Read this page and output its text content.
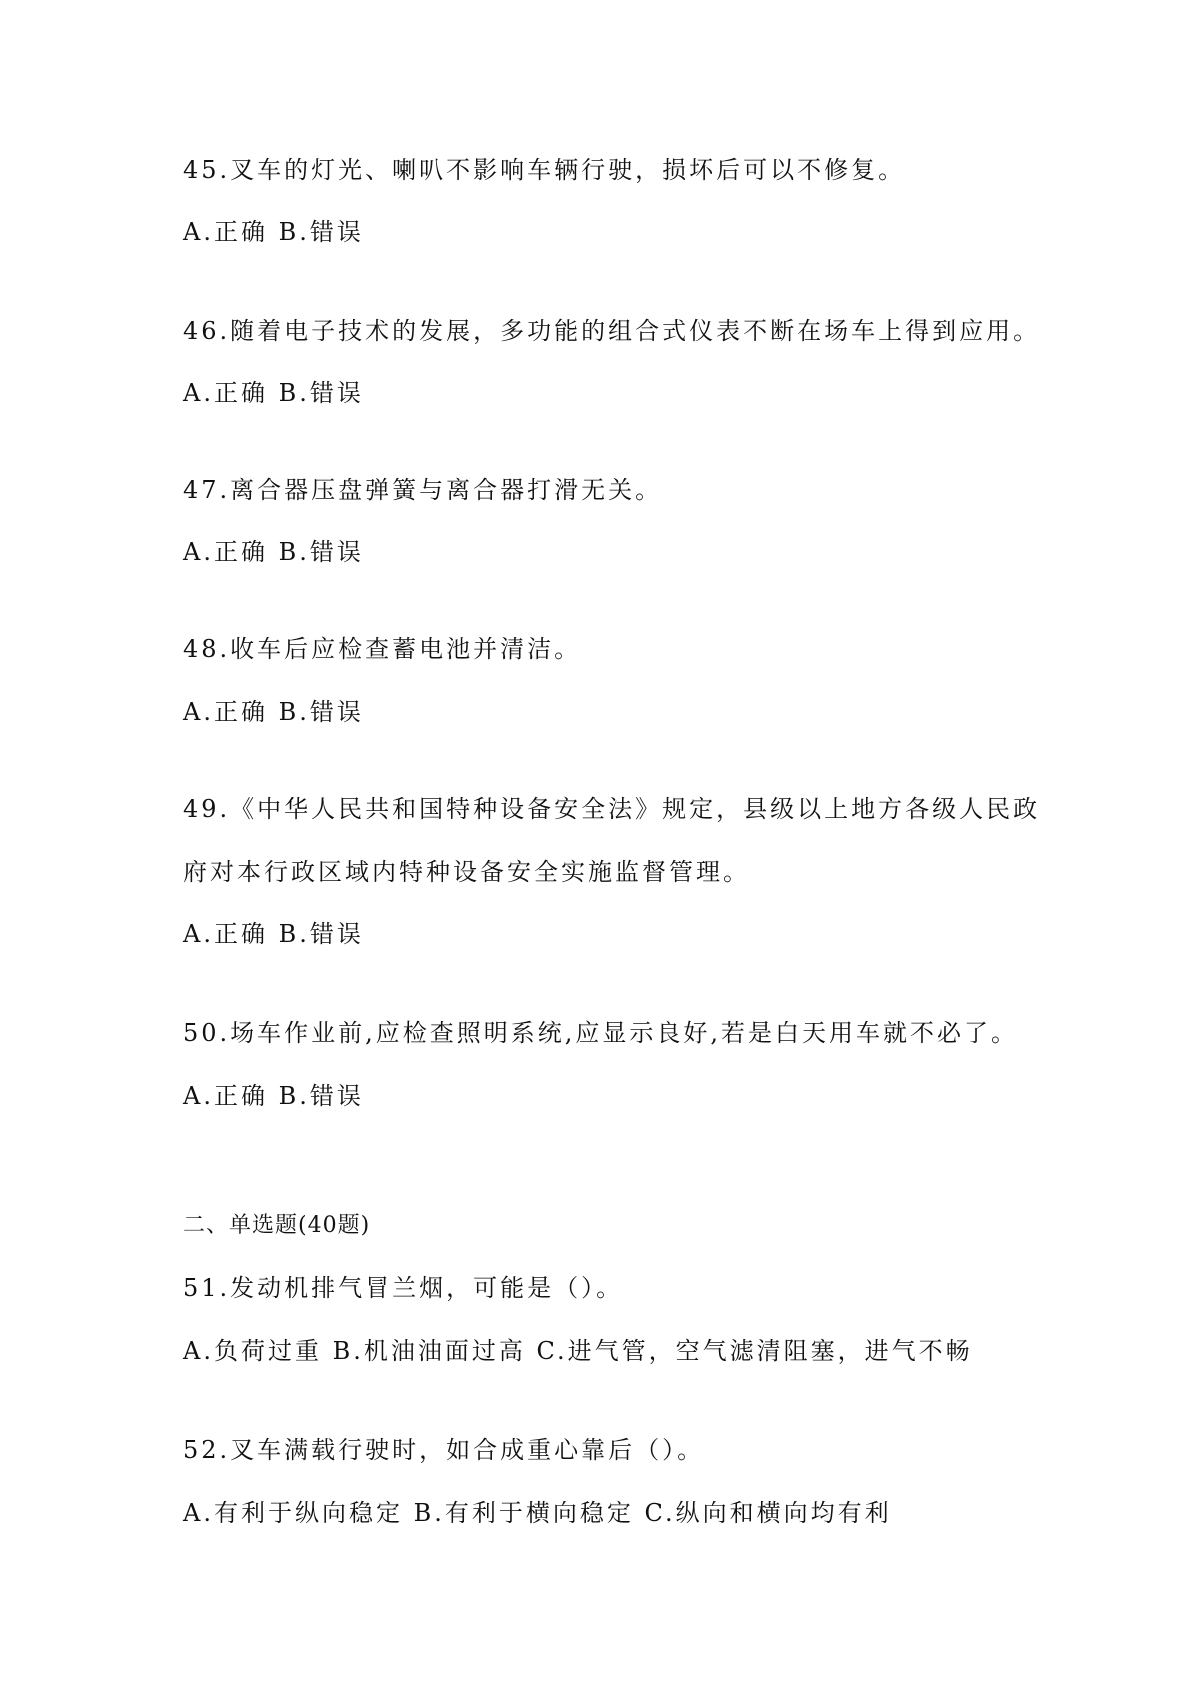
45.叉车的灯光、喇叭不影响车辆行驶，损坏后可以不修复。
A.正确 B.错误
46.随着电子技术的发展，多功能的组合式仪表不断在场车上得到应用。
A.正确 B.错误
47.离合器压盘弹簧与离合器打滑无关。
A.正确 B.错误
48.收车后应检查蓄电池并清洁。
A.正确 B.错误
49.《中华人民共和国特种设备安全法》规定，县级以上地方各级人民政
府对本行政区域内特种设备安全实施监督管理。
A.正确 B.错误
50.场车作业前,应检查照明系统,应显示良好,若是白天用车就不必了。
A.正确 B.错误
二、单选题(40题)
51.发动机排气冒兰烟，可能是（）。
A.负荷过重 B.机油油面过高 C.进气管，空气滤清阻塞，进气不畅
52.叉车满载行驶时，如合成重心靠后（）。
A.有利于纵向稳定 B.有利于横向稳定 C.纵向和横向均有利
